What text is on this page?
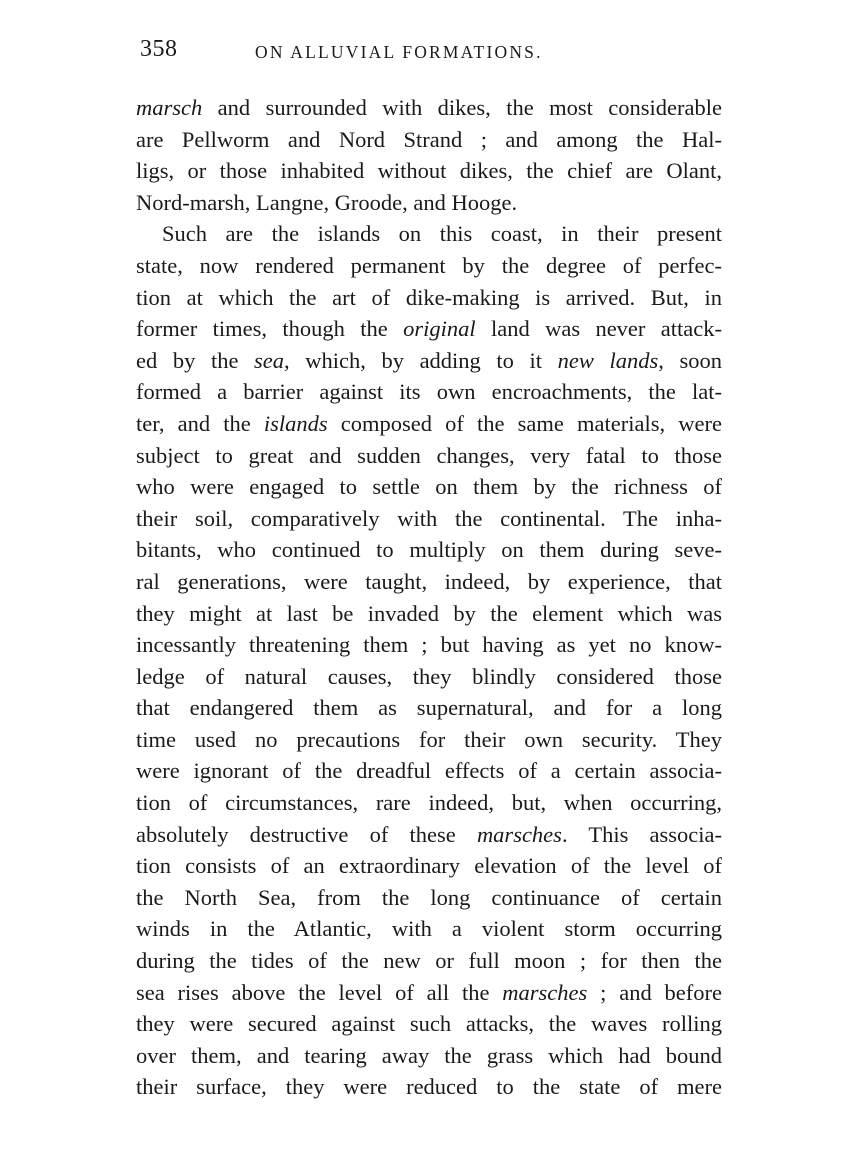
358	ON ALLUVIAL FORMATIONS.
marsch and surrounded with dikes, the most considerable
are Pellworm and Nord Strand ; and among the Hal-
ligs, or those inhabited without dikes, the chief are Olant,
Nord-marsh, Langne, Groode, and Hooge.
Such are the islands on this coast, in their present
state, now rendered permanent by the degree of perfec-
tion at which the art of dike-making is arrived. But, in
former times, though the original land was never attack-
ed by the sea, which, by adding to it new lands, soon
formed a barrier against its own encroachments, the lat-
ter, and the islands composed of the same materials, were
subject to great and sudden changes, very fatal to those
who were engaged to settle on them by the richness of
their soil, comparatively with the continental. The inha-
bitants, who continued to multiply on them during seve-
ral generations, were taught, indeed, by experience, that
they might at last be invaded by the element which was
incessantly threatening them ; but having as yet no know-
ledge of natural causes, they blindly considered those
that endangered them as supernatural, and for a long
time used no precautions for their own security. They
were ignorant of the dreadful effects of a certain associa-
tion of circumstances, rare indeed, but, when occurring,
absolutely destructive of these marsches. This associa-
tion consists of an extraordinary elevation of the level of
the North Sea, from the long continuance of certain
winds in the Atlantic, with a violent storm occurring
during the tides of the new or full moon ; for then the
sea rises above the level of all the marsches ; and before
they were secured against such attacks, the waves rolling
over them, and tearing away the grass which had bound
their surface, they were reduced to the state of mere
